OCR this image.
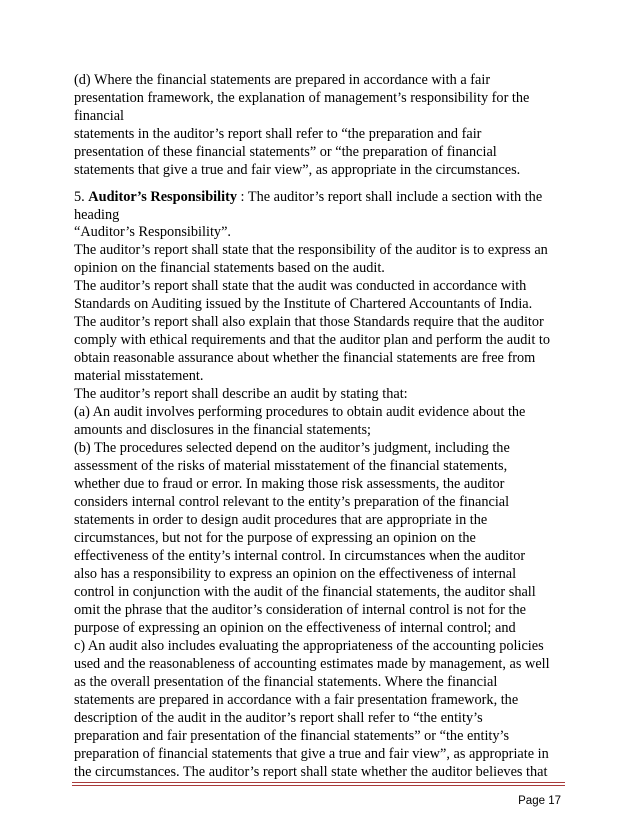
(d) Where the financial statements are prepared in accordance with a fair
presentation framework, the explanation of management’s responsibility for the
financial
statements in the auditor’s report shall refer to “the preparation and fair
presentation of these financial statements” or “the preparation of financial
statements that give a true and fair view”, as appropriate in the circumstances.
5. Auditor’s Responsibility : The auditor’s report shall include a section with the
heading
“Auditor’s Responsibility”.
The auditor’s report shall state that the responsibility of the auditor is to express an
opinion on the financial statements based on the audit.
The auditor’s report shall state that the audit was conducted in accordance with
Standards on Auditing issued by the Institute of Chartered Accountants of India.
The auditor’s report shall also explain that those Standards require that the auditor
comply with ethical requirements and that the auditor plan and perform the audit to
obtain reasonable assurance about whether the financial statements are free from
material misstatement.
The auditor’s report shall describe an audit by stating that:
(a) An audit involves performing procedures to obtain audit evidence about the
amounts and disclosures in the financial statements;
(b) The procedures selected depend on the auditor’s judgment, including the
assessment of the risks of material misstatement of the financial statements,
whether due to fraud or error. In making those risk assessments, the auditor
considers internal control relevant to the entity’s preparation of the financial
statements in order to design audit procedures that are appropriate in the
circumstances, but not for the purpose of expressing an opinion on the
effectiveness of the entity’s internal control. In circumstances when the auditor
also has a responsibility to express an opinion on the effectiveness of internal
control in conjunction with the audit of the financial statements, the auditor shall
omit the phrase that the auditor’s consideration of internal control is not for the
purpose of expressing an opinion on the effectiveness of internal control; and
c) An audit also includes evaluating the appropriateness of the accounting policies
used and the reasonableness of accounting estimates made by management, as well
as the overall presentation of the financial statements. Where the financial
statements are prepared in accordance with a fair presentation framework, the
description of the audit in the auditor’s report shall refer to “the entity’s
preparation and fair presentation of the financial statements” or “the entity’s
preparation of financial statements that give a true and fair view”, as appropriate in
the circumstances. The auditor’s report shall state whether the auditor believes that
Page 17
